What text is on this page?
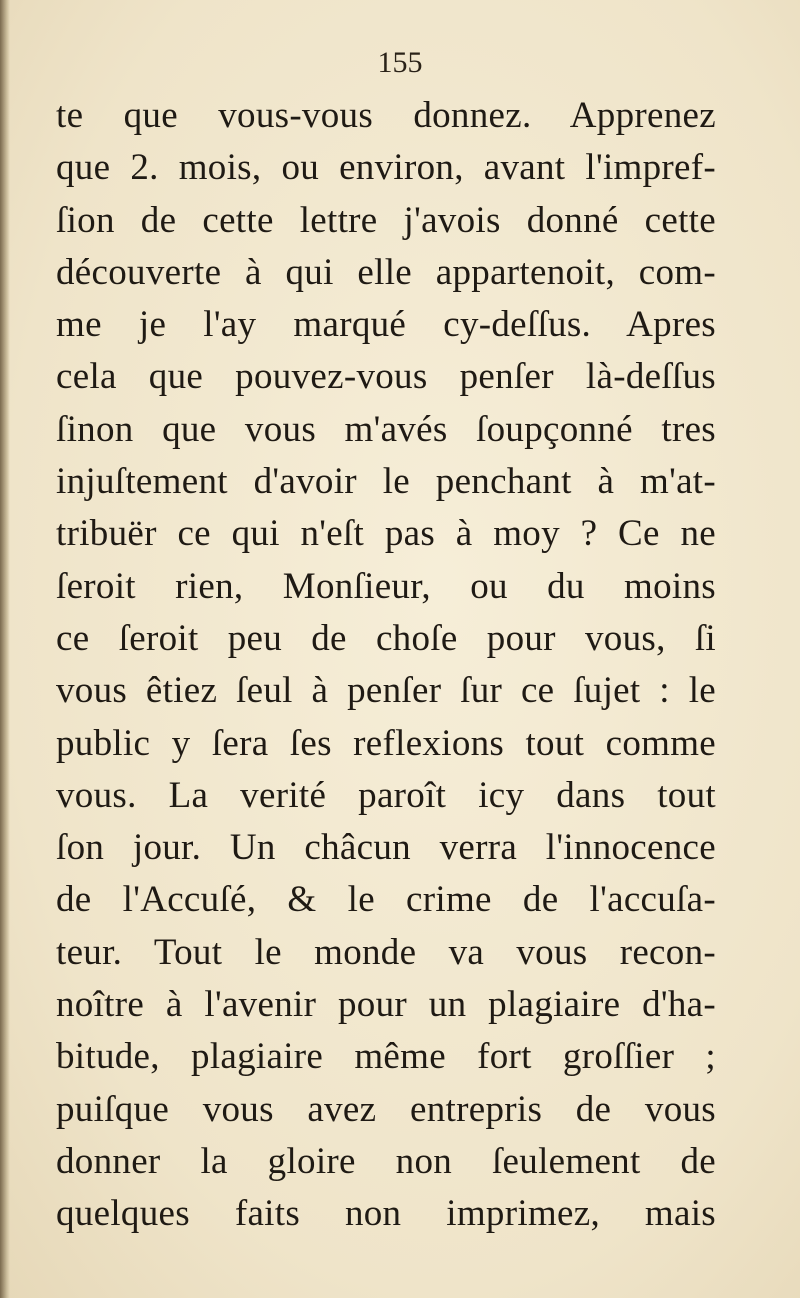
155
te que vous-vous donnez. Apprenez
que 2. mois, ou environ, avant l'impref-
ſion de cette lettre j'avois donné cette
découverte à qui elle appartenoit, com-
me je l'ay marqué cy-deſſus. Apres
cela que pouvez-vous penſer là-deſſus
ſinon que vous m'avés ſoupçonné tres
injuſtement d'avoir le penchant à m'at-
tribuër ce qui n'eſt pas à moy ? Ce ne
ſeroit rien, Monſieur, ou du moins
ce ſeroit peu de choſe pour vous, ſi
vous êtiez ſeul à penſer ſur ce ſujet : le
public y ſera ſes reflexions tout comme
vous. La verité paroît icy dans tout
ſon jour. Un châcun verra l'innocence
de l'Accuſé, & le crime de l'accuſa-
teur. Tout le monde va vous recon-
noître à l'avenir pour un plagiaire d'ha-
bitude, plagiaire même fort groſſier ;
puiſque vous avez entrepris de vous
donner la gloire non ſeulement de
quelques faits non imprimez, mais
